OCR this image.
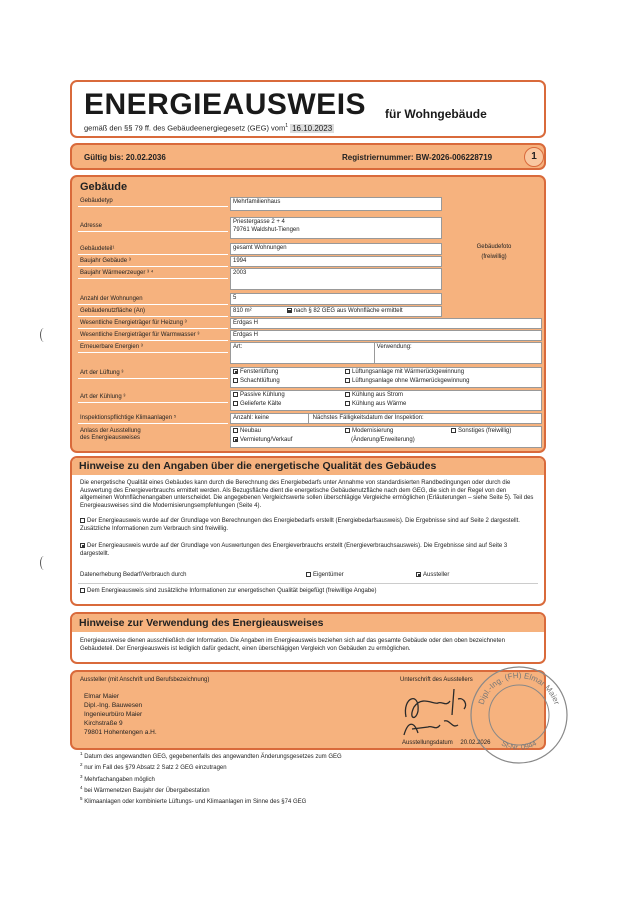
ENERGIEAUSWEIS für Wohngebäude
gemäß den §§ 79 ff. des Gebäudeenergiegesetz (GEG) vom$^1$ 16.10.2023
Gültig bis: 20.02.2036	Registriernummer: BW-2026-006228719	1
Gebäude
Gebäudefoto
(freiwillig)
Gebäudetyp	Mehrfamilienhaus
Adresse
Priestergasse 2 + 4
79761 Waldshut-Tiengen
Gebäudeteil¹	gesamt Wohnungen
Baujahr Gebäude ³	1994
Baujahr Wärmeerzeuger ³ ⁴	2003
Anzahl der Wohnungen	5
Gebäudenutzfläche (An)	810 m²	nach § 82 GEG aus Wohnfläche ermittelt
Wesentliche Energieträger für Heizung ³	Erdgas H
Wesentliche Energieträger für Warmwasser ³	Erdgas H
Erneuerbare Energien ³	Art:	Verwendung:
Art der Lüftung ³	Fensterlüftung	Lüftungsanlage mit Wärmerückgewinnung
Schachtlüftung	Lüftungsanlage ohne Wärmerückgewinnung
Art der Kühlung ³	Passive Kühlung	Kühlung aus Strom
Gelieferte Kälte	Kühlung aus Wärme
Inspektionspflichtige Klimaanlagen ⁵	Anzahl: keine	Nächstes Fälligkeitsdatum der Inspektion:
Anlass der Ausstellung
des Energieausweises
Neubau	Modernisierung	Sonstiges (freiwillig)
Vermietung/Verkauf	(Änderung/Erweiterung)
Hinweise zu den Angaben über die energetische Qualität des Gebäudes
Die energetische Qualität eines Gebäudes kann durch die Berechnung des Energiebedarfs unter Annahme von standardisierten Randbedingungen oder durch die Auswertung des Energieverbrauchs ermittelt werden. Als Bezugsfläche dient die energetische Gebäudenutzfläche nach dem GEG, die sich in der Regel von den allgemeinen Wohnflächenangaben unterscheidet. Die angegebenen Vergleichswerte sollen überschlägige Vergleiche ermöglichen (Erläuterungen – siehe Seite 5). Teil des Energieausweises sind die Modernisierungsempfehlungen (Seite 4).
Der Energieausweis wurde auf der Grundlage von Berechnungen des Energiebedarfs erstellt (Energiebedarfsausweis). Die Ergebnisse sind auf Seite 2 dargestellt. Zusätzliche Informationen zum Verbrauch sind freiwillig.
Der Energieausweis wurde auf der Grundlage von Auswertungen des Energieverbrauchs erstellt (Energieverbrauchsausweis). Die Ergebnisse sind auf Seite 3 dargestellt.
Datenerhebung Bedarf/Verbrauch durch	Eigentümer	Aussteller
Dem Energieausweis sind zusätzliche Informationen zur energetischen Qualität beigefügt (freiwillige Angabe)
Hinweise zur Verwendung des Energieausweises
Energieausweise dienen ausschließlich der Information. Die Angaben im Energieausweis beziehen sich auf das gesamte Gebäude oder den oben bezeichneten Gebäudeteil. Der Energieausweis ist lediglich dafür gedacht, einen überschlägigen Vergleich von Gebäuden zu ermöglichen.
Aussteller (mit Anschrift und Berufsbezeichnung)
Elmar Maier
Dipl.-Ing. Bauwesen
Ingenieurbüro Maier
Kirchstraße 9
79801 Hohentengen a.H.
Unterschrift des Ausstellers
Ausstellungsdatum 20.02.2026
Dipl.-Ing. (FH) Elmar Maier
St-Nr. 0944
$^1$ Datum des angewandten GEG, gegebenenfalls des angewandten Änderungsgesetzes zum GEG
$^2$ nur im Fall des §79 Absatz 2 Satz 2 GEG einzutragen
$^3$ Mehrfachangaben möglich
$^4$ bei Wärmenetzen Baujahr der Übergabestation
$^5$ Klimaanlagen oder kombinierte Lüftungs- und Klimaanlagen im Sinne des §74 GEG
